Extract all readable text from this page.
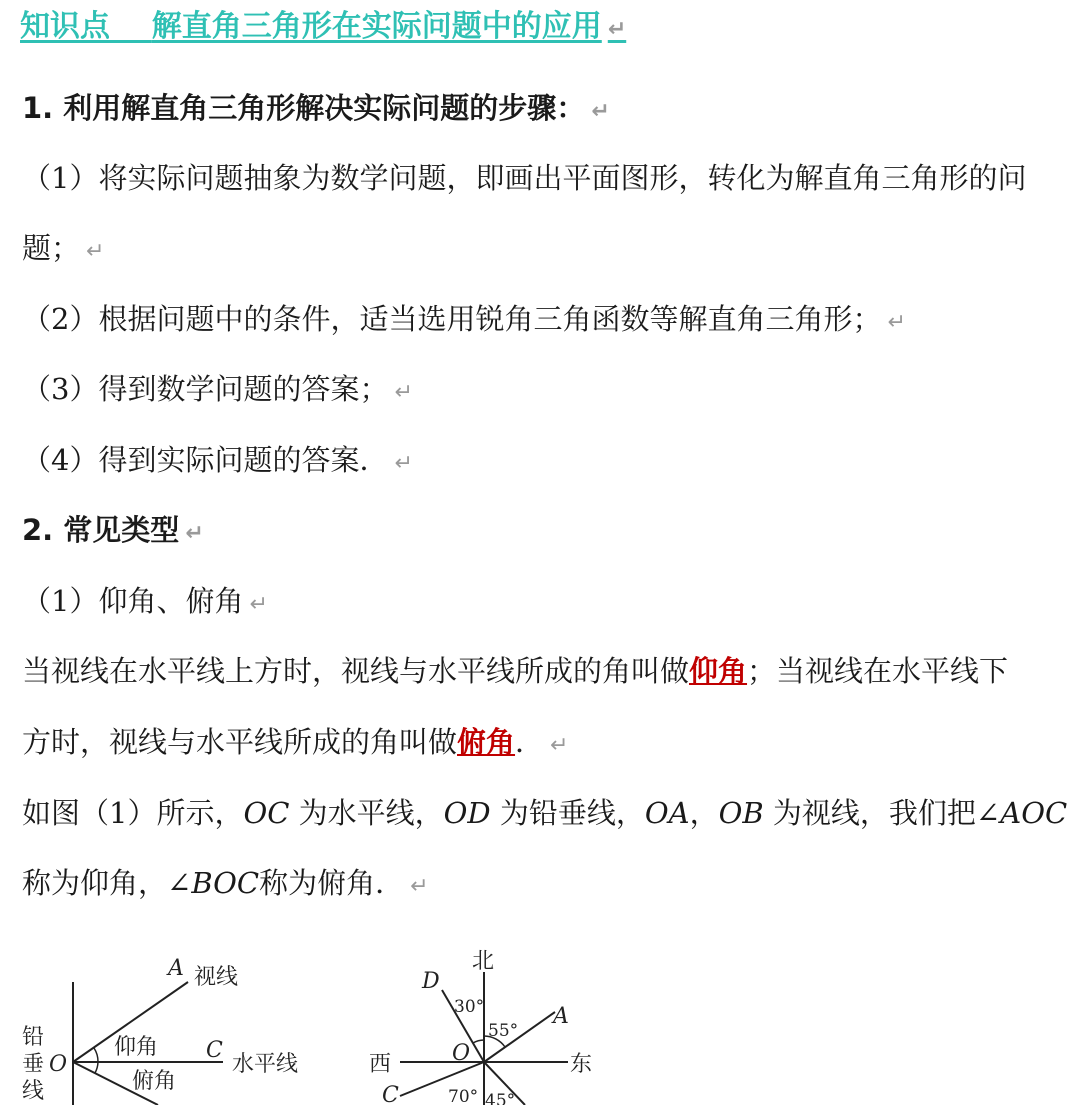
知识点 解直角三角形在实际问题中的应用 ↵
1. 利用解直角三角形解决实际问题的步骤： ↵
（1）将实际问题抽象为数学问题，即画出平面图形，转化为解直角三角形的问
题； ↵
（2）根据问题中的条件，适当选用锐角三角函数等解直角三角形； ↵
（3）得到数学问题的答案； ↵
（4）得到实际问题的答案． ↵
2. 常见类型 ↵
（1）仰角、俯角 ↵
当视线在水平线上方时，视线与水平线所成的角叫做仰角；当视线在水平线下
方时，视线与水平线所成的角叫做俯角． ↵
如图（1）所示，OC 为水平线，OD 为铅垂线，OA，OB 为视线，我们把∠AOC
称为仰角，∠BOC称为俯角． ↵
A 视线
O
C
水平线
仰角
俯角
铅
垂
线
北
D
30°
55°
A
西	O	东
C	70° 45°
